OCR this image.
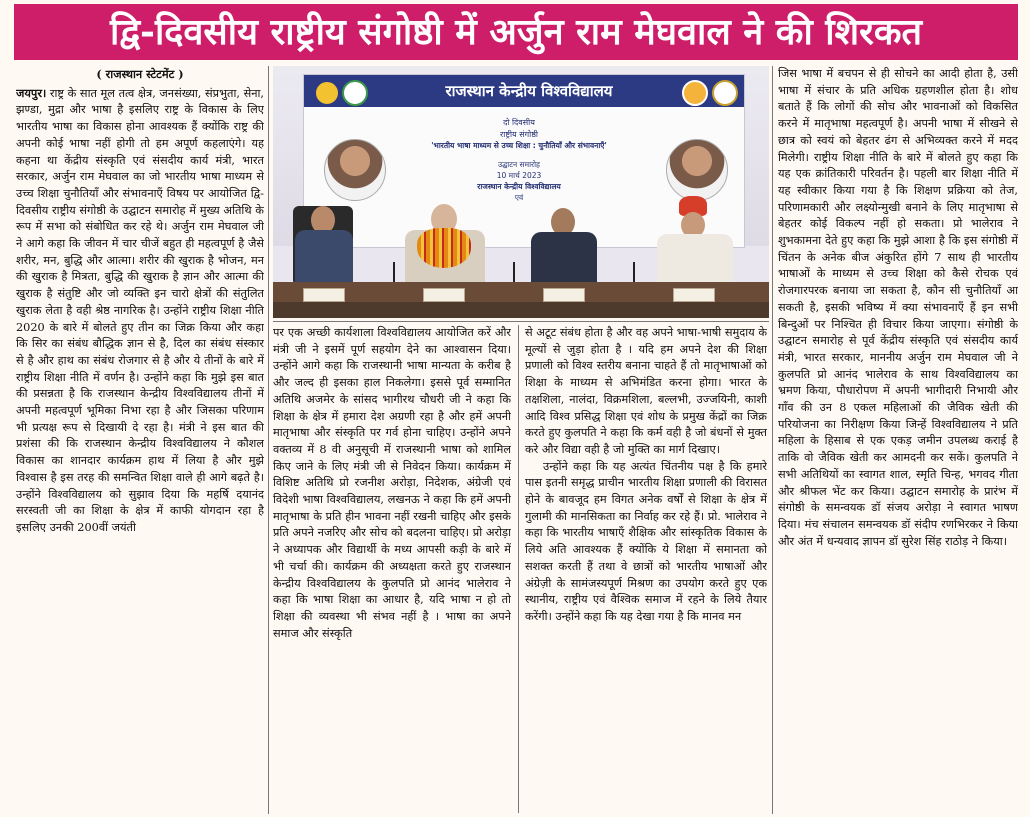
द्वि-दिवसीय राष्ट्रीय संगोष्ठी में अर्जुन राम मेघवाल ने की शिरकत

( राजस्थान स्टेटमेंट )

जयपुर। राष्ट्र के सात मूल तत्व क्षेत्र, जनसंख्या, संप्रभुता, सेना, झण्डा, मुद्रा और भाषा है इसलिए राष्ट्र के विकास के लिए भारतीय भाषा का विकास होना आवश्यक हैं क्योंकि राष्ट्र की अपनी कोई भाषा नहीं होगी तो हम अपूर्ण कहलाएंगे। यह कहना था केंद्रीय संस्कृति एवं संसदीय कार्य मंत्री, भारत सरकार, अर्जुन राम मेघवाल का जो भारतीय भाषा माध्यम से उच्च शिक्षा चुनौतियाँ और संभावनाएँ विषय पर आयोजित द्वि-दिवसीय राष्ट्रीय संगोष्ठी के उद्घाटन समारोह में मुख्य अतिथि के रूप में सभा को संबोधित कर रहे थे। अर्जुन राम मेघवाल जी ने आगे कहा कि जीवन में चार चीजें बहुत ही महत्वपूर्ण है जैसे शरीर, मन, बुद्धि और आत्मा। शरीर की खुराक है भोजन, मन की खुराक है मित्रता, बुद्धि की खुराक है ज्ञान और आत्मा की खुराक है संतुष्टि और जो व्यक्ति इन चारो क्षेत्रों की संतुलित खुराक लेता है वही श्रेष्ठ नागरिक है। उन्होंने राष्ट्रीय शिक्षा नीति 2020 के बारे में बोलते हुए तीन का जिक्र किया और कहा कि सिर का संबंध बौद्धिक ज्ञान से है, दिल का संबंध संस्कार से है और हाथ का संबंध रोजगार से है और ये तीनों के बारे में राष्ट्रीय शिक्षा नीति में वर्णन है। उन्होंने कहा कि मुझे इस बात की प्रसन्नता है कि राजस्थान केन्द्रीय विश्वविद्यालय तीनों में अपनी महत्वपूर्ण भूमिका निभा रहा है और जिसका परिणाम भी प्रत्यक्ष रूप से दिखायी दे रहा है। मंत्री ने इस बात की प्रशंसा की कि राजस्थान केन्द्रीय विश्वविद्यालय ने कौशल विकास का शानदार कार्यक्रम हाथ में लिया है और मुझे विश्वास है इस तरह की समन्वित शिक्षा वाले ही आगे बढ़ते है। उन्होंने विश्वविद्यालय को सुझाव दिया कि महर्षि दयानंद सरस्वती जी का शिक्षा के क्षेत्र में काफी योगदान रहा है इसलिए उनकी 200वीं जयंती

राजस्थान केन्द्रीय विश्वविद्यालय
दो दिवसीय
राष्ट्रीय संगोष्ठी
'भारतीय भाषा माध्यम से उच्च शिक्षा : चुनौतियाँ और संभावनाएँ'
उद्घाटन समारोह
10 मार्च 2023
राजस्थान केन्द्रीय विश्वविद्यालय
एवं

पर एक अच्छी कार्यशाला विश्वविद्यालय आयोजित करें और मंत्री जी ने इसमें पूर्ण सहयोग देने का आश्वासन दिया। उन्होंने आगे कहा कि राजस्थानी भाषा मान्यता के करीब है और जल्द ही इसका हाल निकलेगा। इससे पूर्व सम्मानित अतिथि अजमेर के सांसद भागीरथ चौधरी जी ने कहा कि शिक्षा के क्षेत्र में हमारा देश अग्रणी रहा है और हमें अपनी मातृभाषा और संस्कृति पर गर्व होना चाहिए। उन्होंने अपने वक्तव्य में 8 वी अनुसूची में राजस्थानी भाषा को शामिल किए जाने के लिए मंत्री जी से निवेदन किया। कार्यक्रम में विशिष्ट अतिथि प्रो रजनीश अरोड़ा, निदेशक, अंग्रेजी एवं विदेशी भाषा विश्वविद्यालय, लखनऊ ने कहा कि हमें अपनी मातृभाषा के प्रति हीन भावना नहीं रखनी चाहिए और इसके प्रति अपने नजरिए और सोच को बदलना चाहिए। प्रो अरोड़ा ने अध्यापक और विद्यार्थी के मध्य आपसी कड़ी के बारे में भी चर्चा की। कार्यक्रम की अध्यक्षता करते हुए राजस्थान केन्द्रीय विश्वविद्यालय के कुलपति प्रो आनंद भालेराव ने कहा कि भाषा शिक्षा का आधार है, यदि भाषा न हो तो शिक्षा की व्यवस्था भी संभव नहीं है । भाषा का अपने समाज और संस्कृति

से अटूट संबंध होता है और वह अपने भाषा-भाषी समुदाय के मूल्यों से जुड़ा होता है । यदि हम अपने देश की शिक्षा प्रणाली को विश्व स्तरीय बनाना चाहते हैं तो मातृभाषाओं को शिक्षा के माध्यम से अभिमंडित करना होगा। भारत के तक्षशिला, नालंदा, विक्रमशिला, बल्लभी, उज्जयिनी, काशी आदि विश्व प्रसिद्ध शिक्षा एवं शोध के प्रमुख केंद्रों का जिक्र करते हुए कुलपति ने कहा कि कर्म वही है जो बंधनों से मुक्त करे और विद्या वही है जो मुक्ति का मार्ग दिखाए।

उन्होंने कहा कि यह अत्यंत चिंतनीय पक्ष है कि हमारे पास इतनी समृद्ध प्राचीन भारतीय शिक्षा प्रणाली की विरासत होने के बावजूद हम विगत अनेक वर्षों से शिक्षा के क्षेत्र में गुलामी की मानसिकता का निर्वाह कर रहे हैं। प्रो. भालेराव ने कहा कि भारतीय भाषाएँ शैक्षिक और सांस्कृतिक विकास के लिये अति आवश्यक हैं क्योंकि ये शिक्षा में समानता को सशक्त करती हैं तथा वे छात्रों को भारतीय भाषाओं और अंग्रेज़ी के सामंजस्यपूर्ण मिश्रण का उपयोग करते हुए एक स्थानीय, राष्ट्रीय एवं वैश्विक समाज में रहने के लिये तैयार करेंगी। उन्होंने कहा कि यह देखा गया है कि मानव मन

जिस भाषा में बचपन से ही सोचने का आदी होता है, उसी भाषा में संचार के प्रति अधिक ग्रहणशील होता है। शोध बताते हैं कि लोगों की सोच और भावनाओं को विकसित करने में मातृभाषा महत्वपूर्ण है। अपनी भाषा में सीखने से छात्र को स्वयं को बेहतर ढंग से अभिव्यक्त करने में मदद मिलेगी। राष्ट्रीय शिक्षा नीति के बारे में बोलते हुए कहा कि यह एक क्रांतिकारी परिवर्तन है। पहली बार शिक्षा नीति में यह स्वीकार किया गया है कि शिक्षण प्रक्रिया को तेज, परिणामकारी और लक्ष्योन्मुखी बनाने के लिए मातृभाषा से बेहतर कोई विकल्प नहीं हो सकता। प्रो भालेराव ने शुभकामना देते हुए कहा कि मुझे आशा है कि इस संगोष्ठी में चिंतन के अनेक बीज अंकुरित होंगे 7 साथ ही भारतीय भाषाओं के माध्यम से उच्च शिक्षा को कैसे रोचक एवं रोजगारपरक बनाया जा सकता है, कौन सी चुनौतियाँ आ सकती है, इसकी भविष्य में क्या संभावनाएँ हैं इन सभी बिन्दुओं पर निश्चित ही विचार किया जाएगा। संगोष्ठी के उद्घाटन समारोह से पूर्व केंद्रीय संस्कृति एवं संसदीय कार्य मंत्री, भारत सरकार, माननीय अर्जुन राम मेघवाल जी ने कुलपति प्रो आनंद भालेराव के साथ विश्वविद्यालय का भ्रमण किया, पौधारोपण में अपनी भागीदारी निभायी और गाँव की उन 8 एकल महिलाओं की जैविक खेती की परियोजना का निरीक्षण किया जिन्हें विश्वविद्यालय ने प्रति महिला के हिसाब से एक एकड़ जमीन उपलब्ध कराई है ताकि वो जैविक खेती कर आमदनी कर सकें। कुलपति ने सभी अतिथियों का स्वागत शाल, स्मृति चिन्ह, भगवद गीता और श्रीफल भेंट कर किया। उद्घाटन समारोह के प्रारंभ में संगोष्ठी के समन्वयक डॉ संजय अरोड़ा ने स्वागत भाषण दिया। मंच संचालन समन्वयक डॉ संदीप रणभिरकर ने किया और अंत में धन्यवाद ज्ञापन डॉ सुरेश सिंह राठोड़ ने किया।
